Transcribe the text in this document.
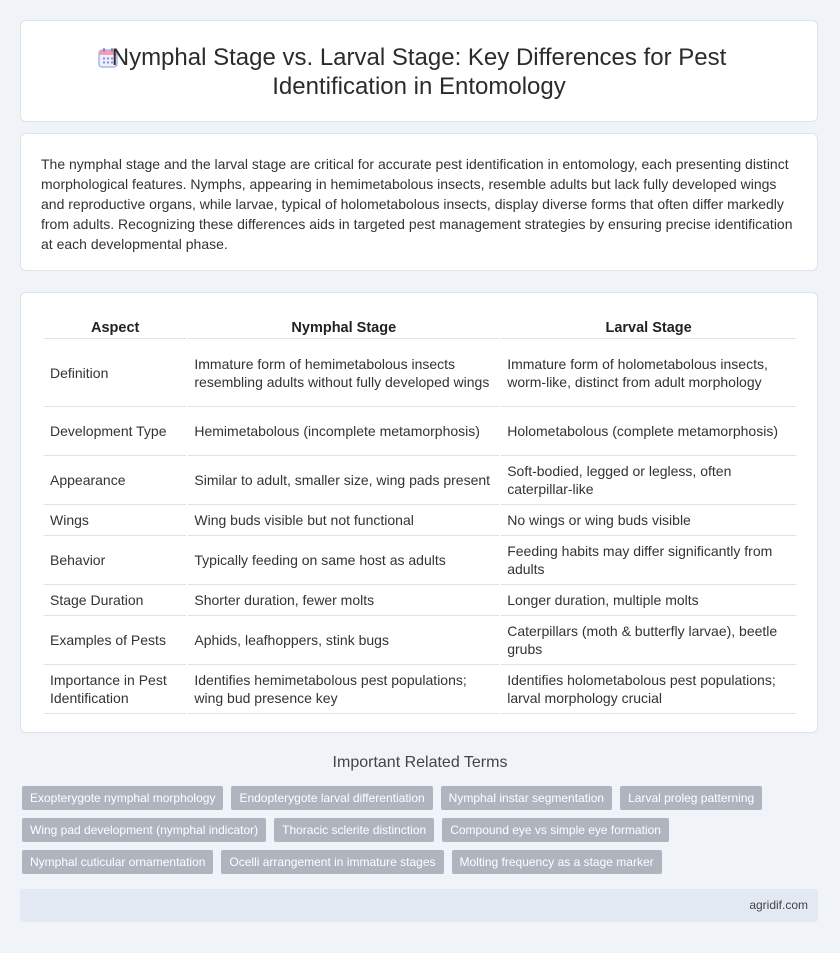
Nymphal Stage vs. Larval Stage: Key Differences for Pest Identification in Entomology

The nymphal stage and the larval stage are critical for accurate pest identification in entomology, each presenting distinct morphological features. Nymphs, appearing in hemimetabolous insects, resemble adults but lack fully developed wings and reproductive organs, while larvae, typical of holometabolous insects, display diverse forms that often differ markedly from adults. Recognizing these differences aids in targeted pest management strategies by ensuring precise identification at each developmental phase.

Aspect	Nymphal Stage	Larval Stage
Definition	Immature form of hemimetabolous insects resembling adults without fully developed wings	Immature form of holometabolous insects, worm-like, distinct from adult morphology
Development Type	Hemimetabolous (incomplete metamorphosis)	Holometabolous (complete metamorphosis)
Appearance	Similar to adult, smaller size, wing pads present	Soft-bodied, legged or legless, often caterpillar-like
Wings	Wing buds visible but not functional	No wings or wing buds visible
Behavior	Typically feeding on same host as adults	Feeding habits may differ significantly from adults
Stage Duration	Shorter duration, fewer molts	Longer duration, multiple molts
Examples of Pests	Aphids, leafhoppers, stink bugs	Caterpillars (moth & butterfly larvae), beetle grubs
Importance in Pest Identification	Identifies hemimetabolous pest populations; wing bud presence key	Identifies holometabolous pest populations; larval morphology crucial
Important Related Terms
Exopterygote nymphal morphology	Endopterygote larval differentiation	Nymphal instar segmentation	Larval proleg patterning
Wing pad development (nymphal indicator)	Thoracic sclerite distinction	Compound eye vs simple eye formation
Nymphal cuticular ornamentation	Ocelli arrangement in immature stages	Molting frequency as a stage marker
agridif.com
